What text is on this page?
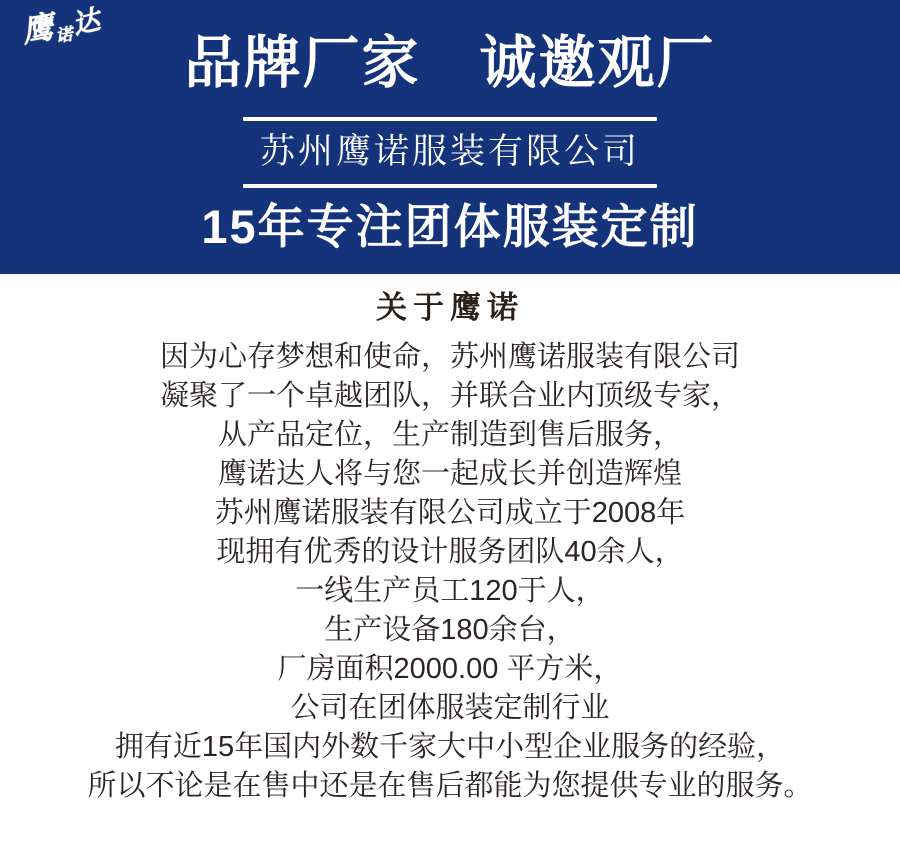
鹰诺达
品牌厂家　诚邀观厂
苏州鹰诺服装有限公司
15年专注团体服装定制
关于鹰诺

因为心存梦想和使命，苏州鹰诺服装有限公司

凝聚了一个卓越团队，并联合业内顶级专家，

从产品定位，生产制造到售后服务，

鹰诺达人将与您一起成长并创造辉煌

苏州鹰诺服装有限公司成立于2008年

现拥有优秀的设计服务团队40余人，

一线生产员工120于人，

生产设备180余台，

厂房面积2000.00 平方米，

公司在团体服装定制行业

拥有近15年国内外数千家大中小型企业服务的经验，

所以不论是在售中还是在售后都能为您提供专业的服务。
